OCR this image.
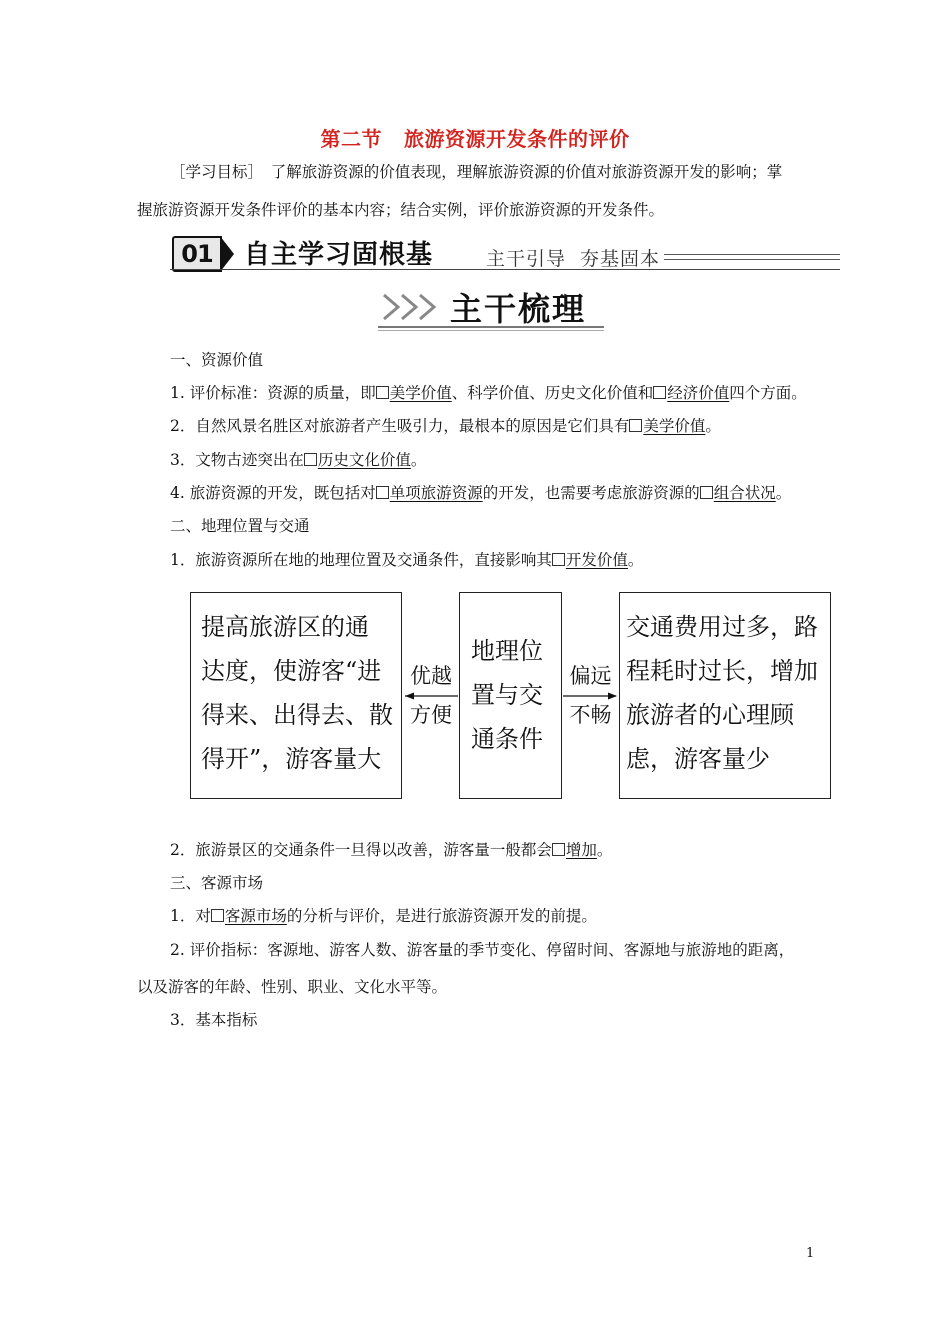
第二节 旅游资源开发条件的评价
［学习目标］　了解旅游资源的价值表现，理解旅游资源的价值对旅游资源开发的影响；掌
握旅游资源开发条件评价的基本内容；结合实例，评价旅游资源的开发条件。
01	自主学习固根基	主干引导 夯基固本
主干梳理
一、资源价值
1. 评价标准：资源的质量，即 美学价值、科学价值、历史文化价值和 经济价值四个方面。
2．自然风景名胜区对旅游者产生吸引力，最根本的原因是它们具有 美学价值。
3．文物古迹突出在 历史文化价值。
4. 旅游资源的开发，既包括对 单项旅游资源的开发，也需要考虑旅游资源的 组合状况。
二、地理位置与交通
1．旅游资源所在地的地理位置及交通条件，直接影响其 开发价值。
提高旅游区的通
达度，使游客“进
得来、出得去、散
得开”，游客量大
优越
方便
地理位
置与交
通条件
偏远
不畅
交通费用过多，路
程耗时过长，增加
旅游者的心理顾
虑，游客量少
2．旅游景区的交通条件一旦得以改善，游客量一般都会 增加。
三、客源市场
1．对 客源市场的分析与评价，是进行旅游资源开发的前提。
2. 评价指标：客源地、游客人数、游客量的季节变化、停留时间、客源地与旅游地的距离，
以及游客的年龄、性别、职业、文化水平等。
3．基本指标
1
